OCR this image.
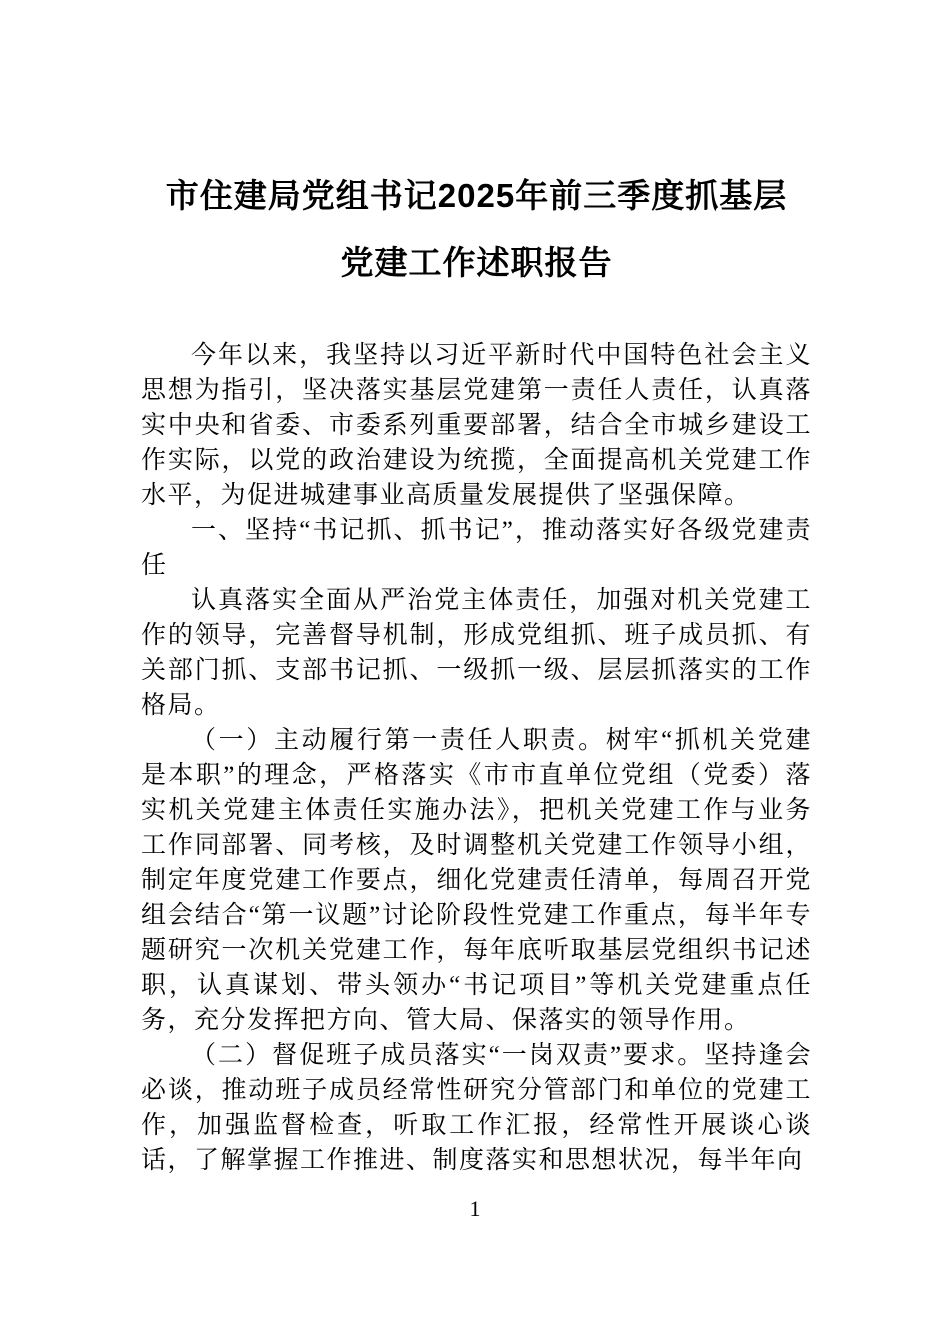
市住建局党组书记2025年前三季度抓基层
党建工作述职报告

今年以来，我坚持以习近平新时代中国特色社会主义思想为指引，坚决落实基层党建第一责任人责任，认真落实中央和省委、市委系列重要部署，结合全市城乡建设工作实际，以党的政治建设为统揽，全面提高机关党建工作水平，为促进城建事业高质量发展提供了坚强保障。

一、坚持“书记抓、抓书记”，推动落实好各级党建责任

认真落实全面从严治党主体责任，加强对机关党建工作的领导，完善督导机制，形成党组抓、班子成员抓、有关部门抓、支部书记抓、一级抓一级、层层抓落实的工作格局。

（一）主动履行第一责任人职责。树牢“抓机关党建是本职”的理念，严格落实《市市直单位党组（党委）落实机关党建主体责任实施办法》，把机关党建工作与业务工作同部署、同考核，及时调整机关党建工作领导小组，制定年度党建工作要点，细化党建责任清单，每周召开党组会结合“第一议题”讨论阶段性党建工作重点，每半年专题研究一次机关党建工作，每年底听取基层党组织书记述职，认真谋划、带头领办“书记项目”等机关党建重点任务，充分发挥把方向、管大局、保落实的领导作用。

（二）督促班子成员落实“一岗双责”要求。坚持逢会必谈，推动班子成员经常性研究分管部门和单位的党建工作，加强监督检查，听取工作汇报，经常性开展谈心谈话，了解掌握工作推进、制度落实和思想状况，每半年向

1
